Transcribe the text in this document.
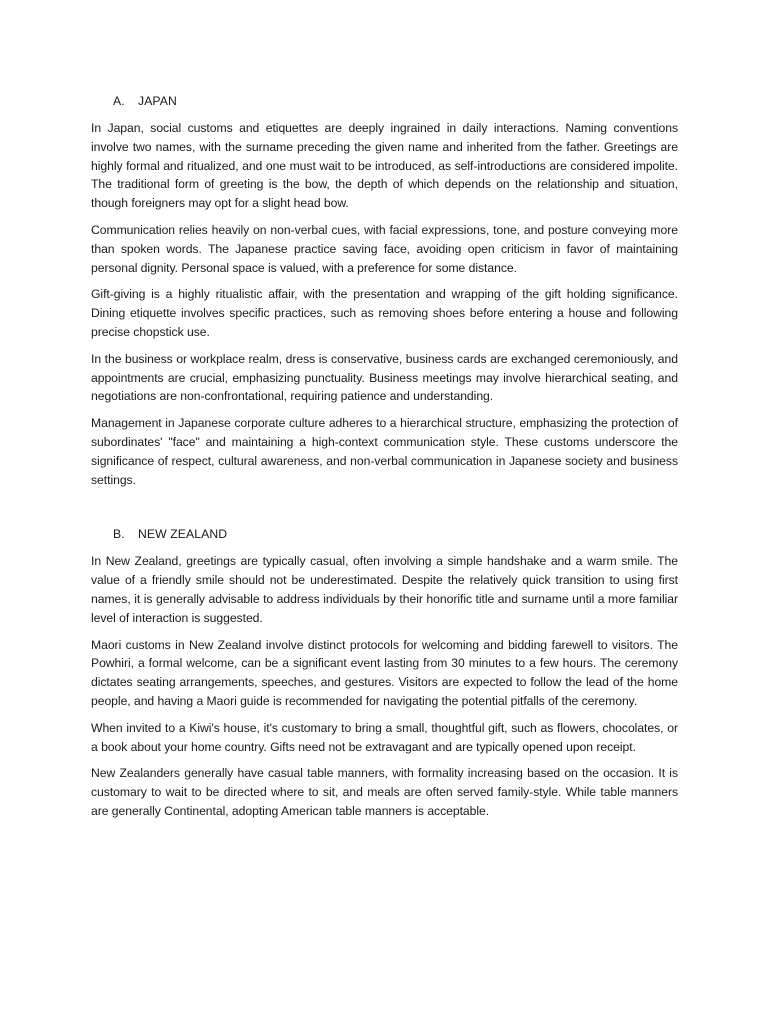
A. JAPAN

In Japan, social customs and etiquettes are deeply ingrained in daily interactions. Naming conventions involve two names, with the surname preceding the given name and inherited from the father. Greetings are highly formal and ritualized, and one must wait to be introduced, as self-introductions are considered impolite. The traditional form of greeting is the bow, the depth of which depends on the relationship and situation, though foreigners may opt for a slight head bow.

Communication relies heavily on non-verbal cues, with facial expressions, tone, and posture conveying more than spoken words. The Japanese practice saving face, avoiding open criticism in favor of maintaining personal dignity. Personal space is valued, with a preference for some distance.

Gift-giving is a highly ritualistic affair, with the presentation and wrapping of the gift holding significance. Dining etiquette involves specific practices, such as removing shoes before entering a house and following precise chopstick use.

In the business or workplace realm, dress is conservative, business cards are exchanged ceremoniously, and appointments are crucial, emphasizing punctuality. Business meetings may involve hierarchical seating, and negotiations are non-confrontational, requiring patience and understanding.

Management in Japanese corporate culture adheres to a hierarchical structure, emphasizing the protection of subordinates' "face" and maintaining a high-context communication style. These customs underscore the significance of respect, cultural awareness, and non-verbal communication in Japanese society and business settings.

B. NEW ZEALAND

In New Zealand, greetings are typically casual, often involving a simple handshake and a warm smile. The value of a friendly smile should not be underestimated. Despite the relatively quick transition to using first names, it is generally advisable to address individuals by their honorific title and surname until a more familiar level of interaction is suggested.

Maori customs in New Zealand involve distinct protocols for welcoming and bidding farewell to visitors. The Powhiri, a formal welcome, can be a significant event lasting from 30 minutes to a few hours. The ceremony dictates seating arrangements, speeches, and gestures. Visitors are expected to follow the lead of the home people, and having a Maori guide is recommended for navigating the potential pitfalls of the ceremony.

When invited to a Kiwi's house, it's customary to bring a small, thoughtful gift, such as flowers, chocolates, or a book about your home country. Gifts need not be extravagant and are typically opened upon receipt.

New Zealanders generally have casual table manners, with formality increasing based on the occasion. It is customary to wait to be directed where to sit, and meals are often served family-style. While table manners are generally Continental, adopting American table manners is acceptable.
